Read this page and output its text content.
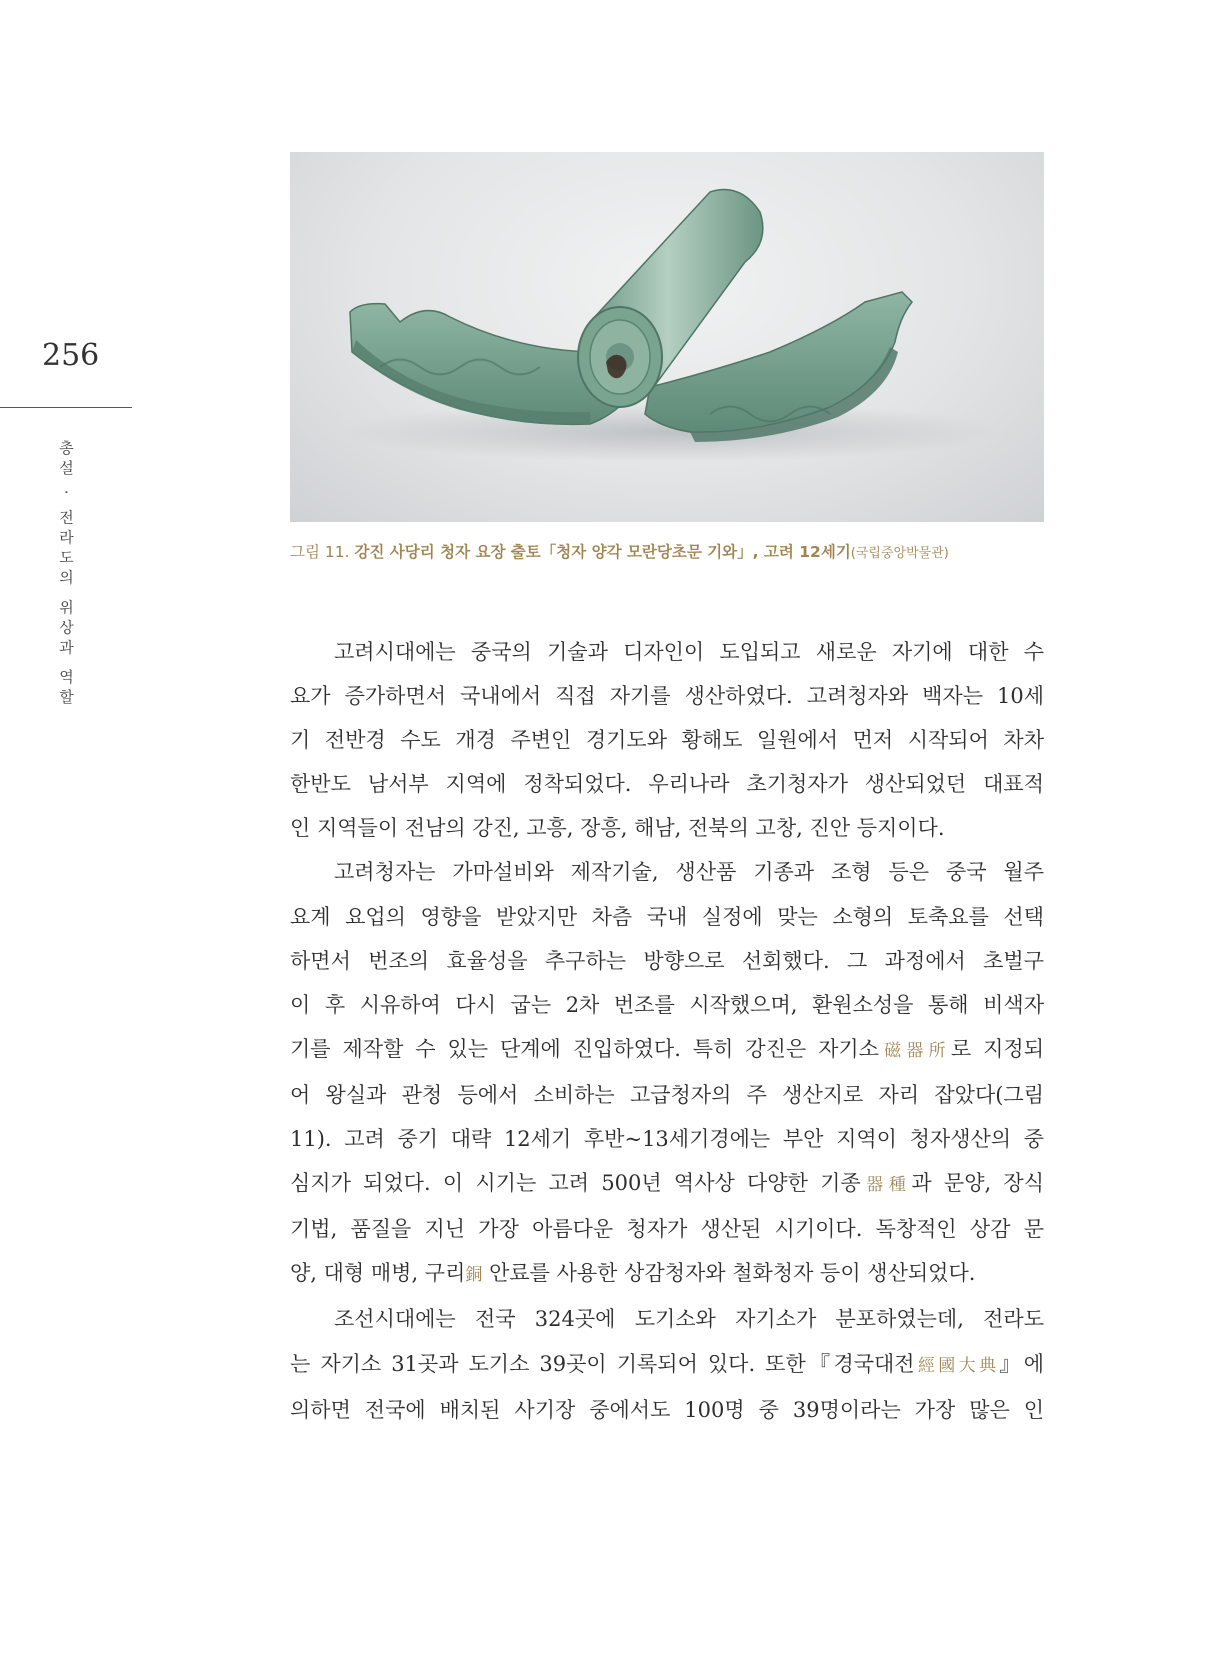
256
총설 · 전라도의 위상과 역할	그림 11. 강진 사당리 청자 요장 출토「청자 양각 모란당초문 기와」, 고려 12세기(국립중앙박물관)

고려시대에는 중국의 기술과 디자인이 도입되고 새로운 자기에 대한 수
요가 증가하면서 국내에서 직접 자기를 생산하였다. 고려청자와 백자는 10세
기 전반경 수도 개경 주변인 경기도와 황해도 일원에서 먼저 시작되어 차차
한반도 남서부 지역에 정착되었다. 우리나라 초기청자가 생산되었던 대표적
인 지역들이 전남의 강진, 고흥, 장흥, 해남, 전북의 고창, 진안 등지이다.

고려청자는 가마설비와 제작기술, 생산품 기종과 조형 등은 중국 월주
요계 요업의 영향을 받았지만 차츰 국내 실정에 맞는 소형의 토축요를 선택
하면서 번조의 효율성을 추구하는 방향으로 선회했다. 그 과정에서 초벌구
이 후 시유하여 다시 굽는 2차 번조를 시작했으며, 환원소성을 통해 비색자
기를 제작할 수 있는 단계에 진입하였다. 특히 강진은 자기소磁器所로 지정되
어 왕실과 관청 등에서 소비하는 고급청자의 주 생산지로 자리 잡았다(그림
11). 고려 중기 대략 12세기 후반~13세기경에는 부안 지역이 청자생산의 중
심지가 되었다. 이 시기는 고려 500년 역사상 다양한 기종器種과 문양, 장식
기법, 품질을 지닌 가장 아름다운 청자가 생산된 시기이다. 독창적인 상감 문
양, 대형 매병, 구리銅 안료를 사용한 상감청자와 철화청자 등이 생산되었다.

조선시대에는 전국 324곳에 도기소와 자기소가 분포하였는데, 전라도
는 자기소 31곳과 도기소 39곳이 기록되어 있다. 또한『경국대전經國大典』에
의하면 전국에 배치된 사기장 중에서도 100명 중 39명이라는 가장 많은 인
